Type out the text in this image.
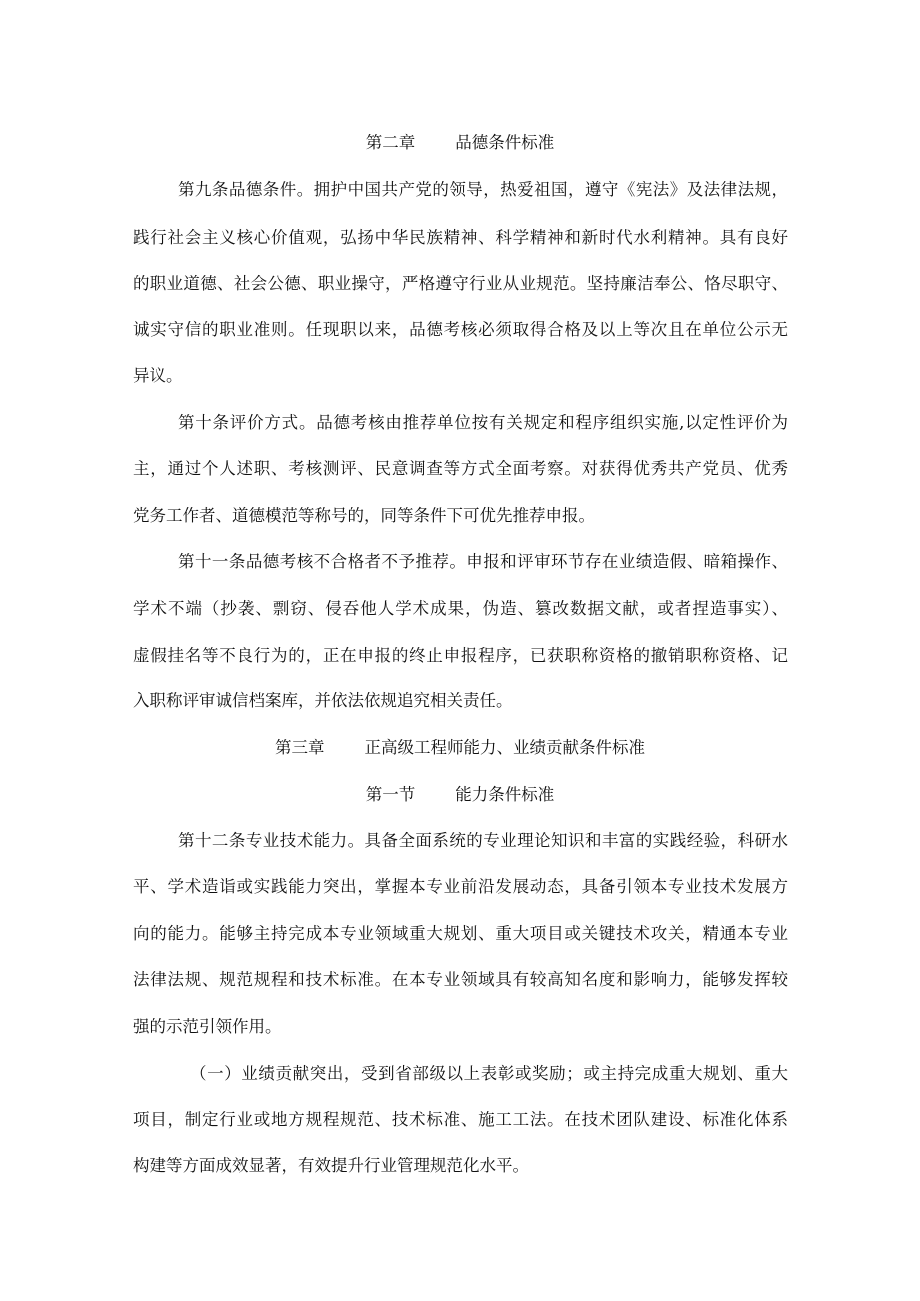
第二章 品德条件标准
第九条品德条件。拥护中国共产党的领导，热爱祖国，遵守《宪法》及法律法规，
践行社会主义核心价值观，弘扬中华民族精神、科学精神和新时代水利精神。具有良好
的职业道德、社会公德、职业操守，严格遵守行业从业规范。坚持廉洁奉公、恪尽职守、
诚实守信的职业准则。任现职以来，品德考核必须取得合格及以上等次且在单位公示无
异议。
第十条评价方式。品德考核由推荐单位按有关规定和程序组织实施,以定性评价为
主，通过个人述职、考核测评、民意调查等方式全面考察。对获得优秀共产党员、优秀
党务工作者、道德模范等称号的，同等条件下可优先推荐申报。
第十一条品德考核不合格者不予推荐。申报和评审环节存在业绩造假、暗箱操作、
学术不端（抄袭、剽窃、侵吞他人学术成果，伪造、篡改数据文献，或者捏造事实）、
虚假挂名等不良行为的，正在申报的终止申报程序，已获职称资格的撤销职称资格、记
入职称评审诚信档案库，并依法依规追究相关责任。
第三章 正高级工程师能力、业绩贡献条件标准
第一节 能力条件标准
第十二条专业技术能力。具备全面系统的专业理论知识和丰富的实践经验，科研水
平、学术造诣或实践能力突出，掌握本专业前沿发展动态，具备引领本专业技术发展方
向的能力。能够主持完成本专业领域重大规划、重大项目或关键技术攻关，精通本专业
法律法规、规范规程和技术标准。在本专业领域具有较高知名度和影响力，能够发挥较
强的示范引领作用。
（一）业绩贡献突出，受到省部级以上表彰或奖励；或主持完成重大规划、重大
项目，制定行业或地方规程规范、技术标准、施工工法。在技术团队建设、标准化体系
构建等方面成效显著，有效提升行业管理规范化水平。
